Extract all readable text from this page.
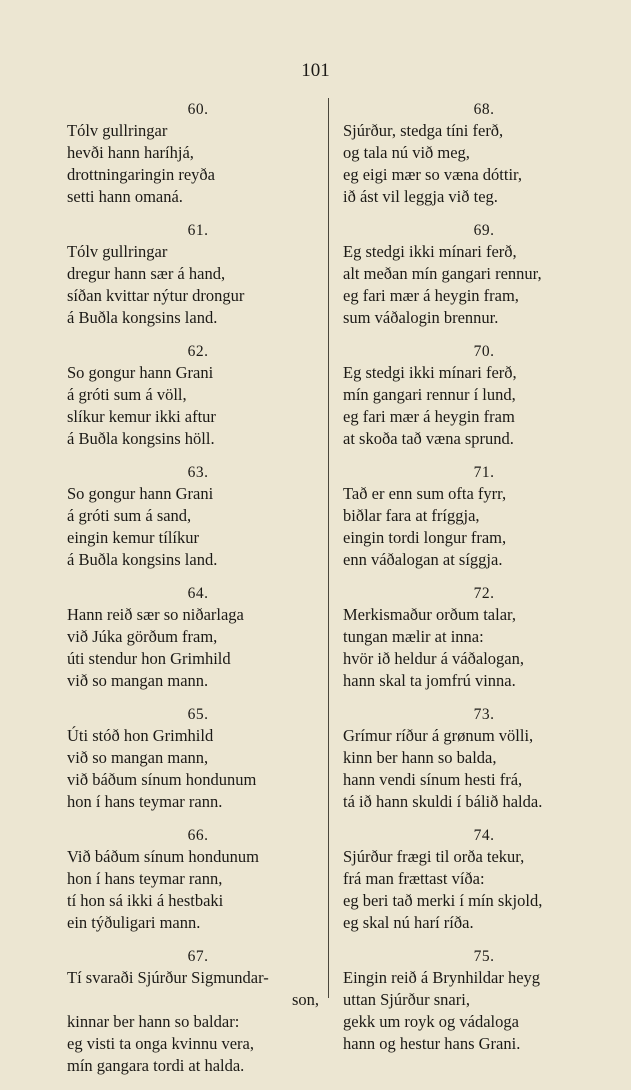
101
60.
Tólv gullringar
hevði hann haríhjá,
drottningaringin reyða
setti hann omaná.
61.
Tólv gullringar
dregur hann sær á hand,
síðan kvittar nýtur drongur
á Buðla kongsins land.
62.
So gongur hann Grani
á gróti sum á völl,
slíkur kemur ikki aftur
á Buðla kongsins höll.
63.
So gongur hann Grani
á gróti sum á sand,
eingin kemur tílíkur
á Buðla kongsins land.
64.
Hann reið sær so niðarlaga
við Júka görðum fram,
úti stendur hon Grimhild
við so mangan mann.
65.
Úti stóð hon Grimhild
við so mangan mann,
við báðum sínum hondunum
hon í hans teymar rann.
66.
Við báðum sínum hondunum
hon í hans teymar rann,
tí hon sá ikki á hestbaki
ein týðuligari mann.
67.
Tí svaraði Sjúrður Sigmundar-
son,
kinnar ber hann so baldar:
eg visti ta onga kvinnu vera,
mín gangara tordi at halda.
68.
Sjúrður, stedga tíni ferð,
og tala nú við meg,
eg eigi mær so væna dóttir,
ið ást vil leggja við teg.
69.
Eg stedgi ikki mínari ferð,
alt meðan mín gangari rennur,
eg fari mær á heygin fram,
sum váðalogin brennur.
70.
Eg stedgi ikki mínari ferð,
mín gangari rennur í lund,
eg fari mær á heygin fram
at skoða tað væna sprund.
71.
Tað er enn sum ofta fyrr,
biðlar fara at fríggja,
eingin tordi longur fram,
enn váðalogan at síggja.
72.
Merkismaður orðum talar,
tungan mælir at inna:
hvör ið heldur á váðalogan,
hann skal ta jomfrú vinna.
73.
Grímur ríður á grønum völli,
kinn ber hann so balda,
hann vendi sínum hesti frá,
tá ið hann skuldi í bálið halda.
74.
Sjúrður frægi til orða tekur,
frá man frættast víða:
eg beri tað merki í mín skjold,
eg skal nú harí ríða.
75.
Eingin reið á Brynhildar heyg
uttan Sjúrður snari,
gekk um royk og vádaloga
hann og hestur hans Grani.
